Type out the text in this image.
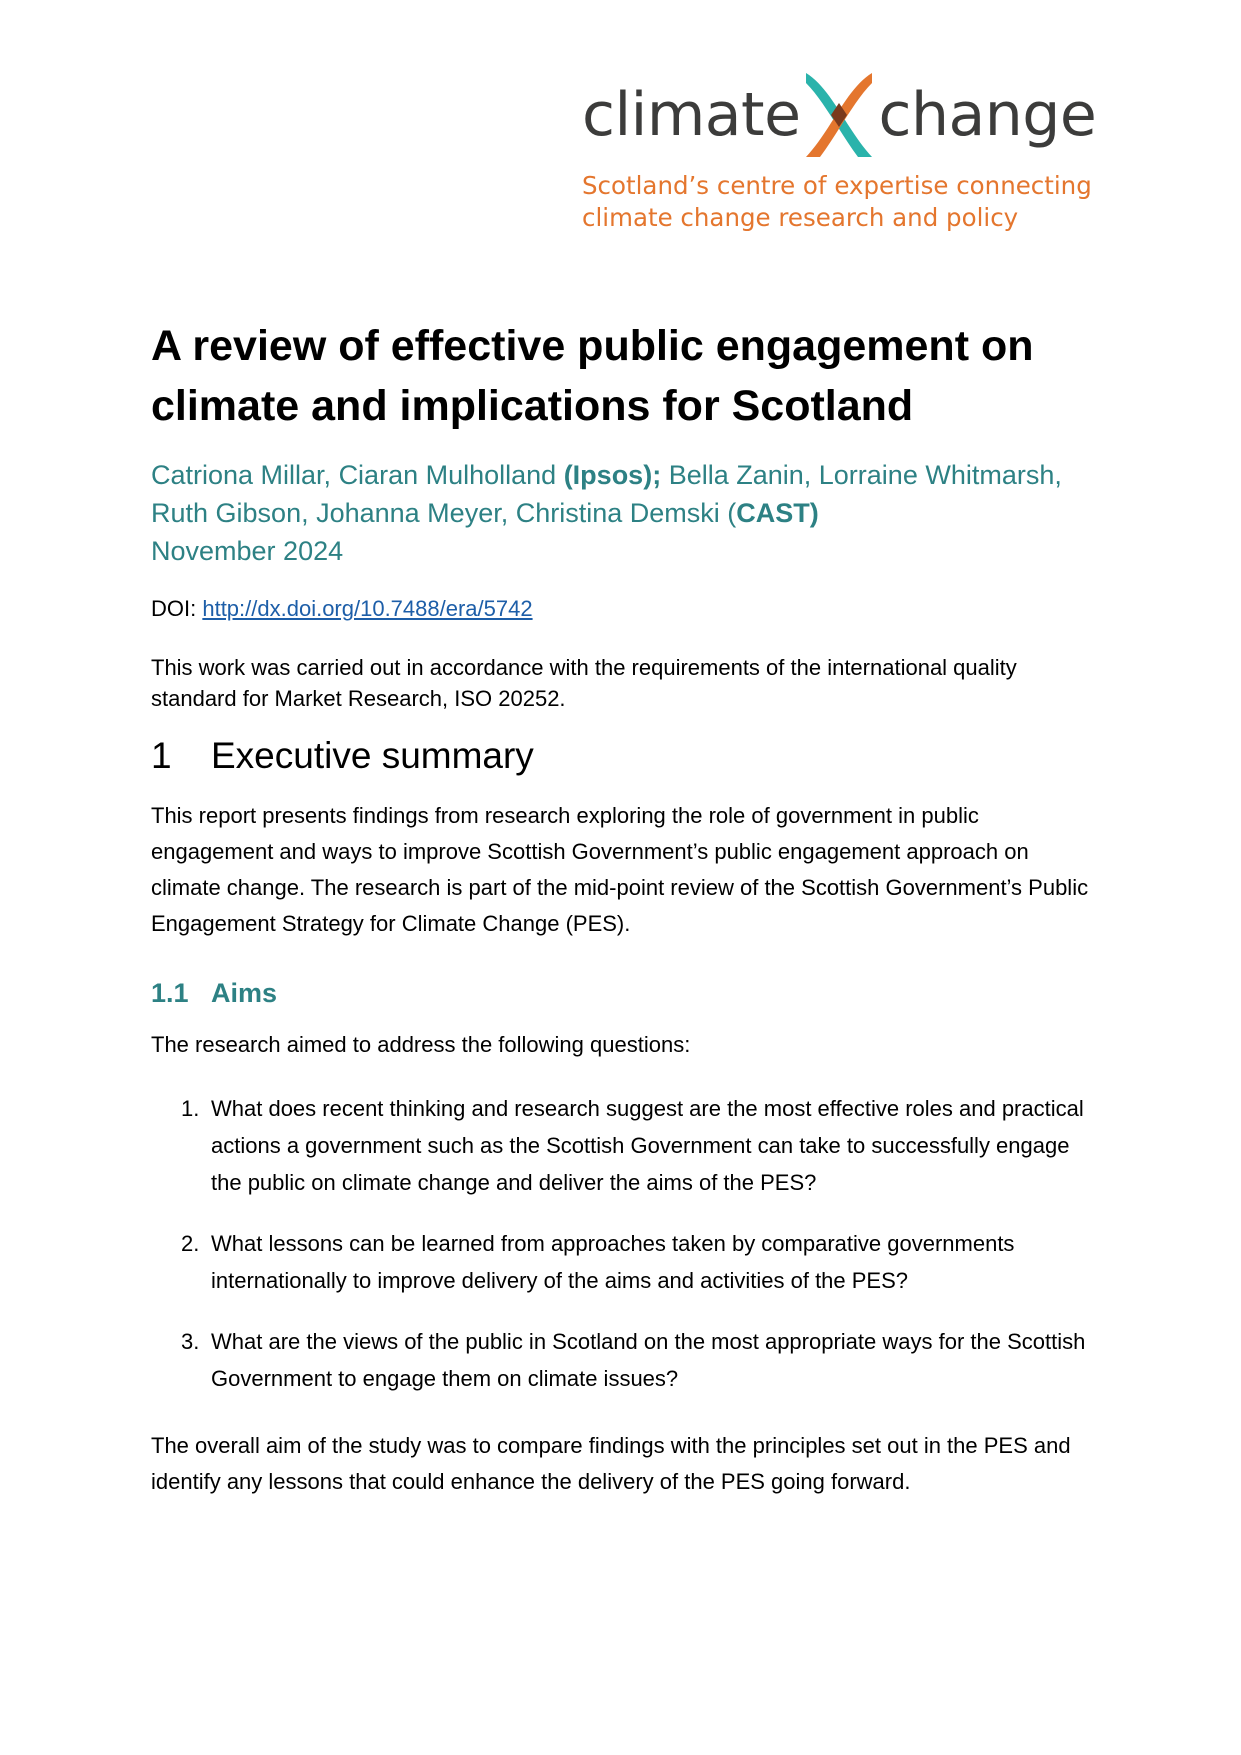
climate change
Scotland’s centre of expertise connecting
climate change research and policy
A review of effective public engagement on
climate and implications for Scotland
Catriona Millar, Ciaran Mulholland (Ipsos); Bella Zanin, Lorraine Whitmarsh, Ruth Gibson, Johanna Meyer, Christina Demski (CAST)
November 2024
DOI: http://dx.doi.org/10.7488/era/5742

This work was carried out in accordance with the requirements of the international quality standard for Market Research, ISO 20252.

1 Executive summary

This report presents findings from research exploring the role of government in public engagement and ways to improve Scottish Government’s public engagement approach on climate change. The research is part of the mid-point review of the Scottish Government’s Public Engagement Strategy for Climate Change (PES).

1.1 Aims

The research aimed to address the following questions:

1. What does recent thinking and research suggest are the most effective roles and practical actions a government such as the Scottish Government can take to successfully engage the public on climate change and deliver the aims of the PES?
2. What lessons can be learned from approaches taken by comparative governments internationally to improve delivery of the aims and activities of the PES?
3. What are the views of the public in Scotland on the most appropriate ways for the Scottish Government to engage them on climate issues?

The overall aim of the study was to compare findings with the principles set out in the PES and identify any lessons that could enhance the delivery of the PES going forward.
